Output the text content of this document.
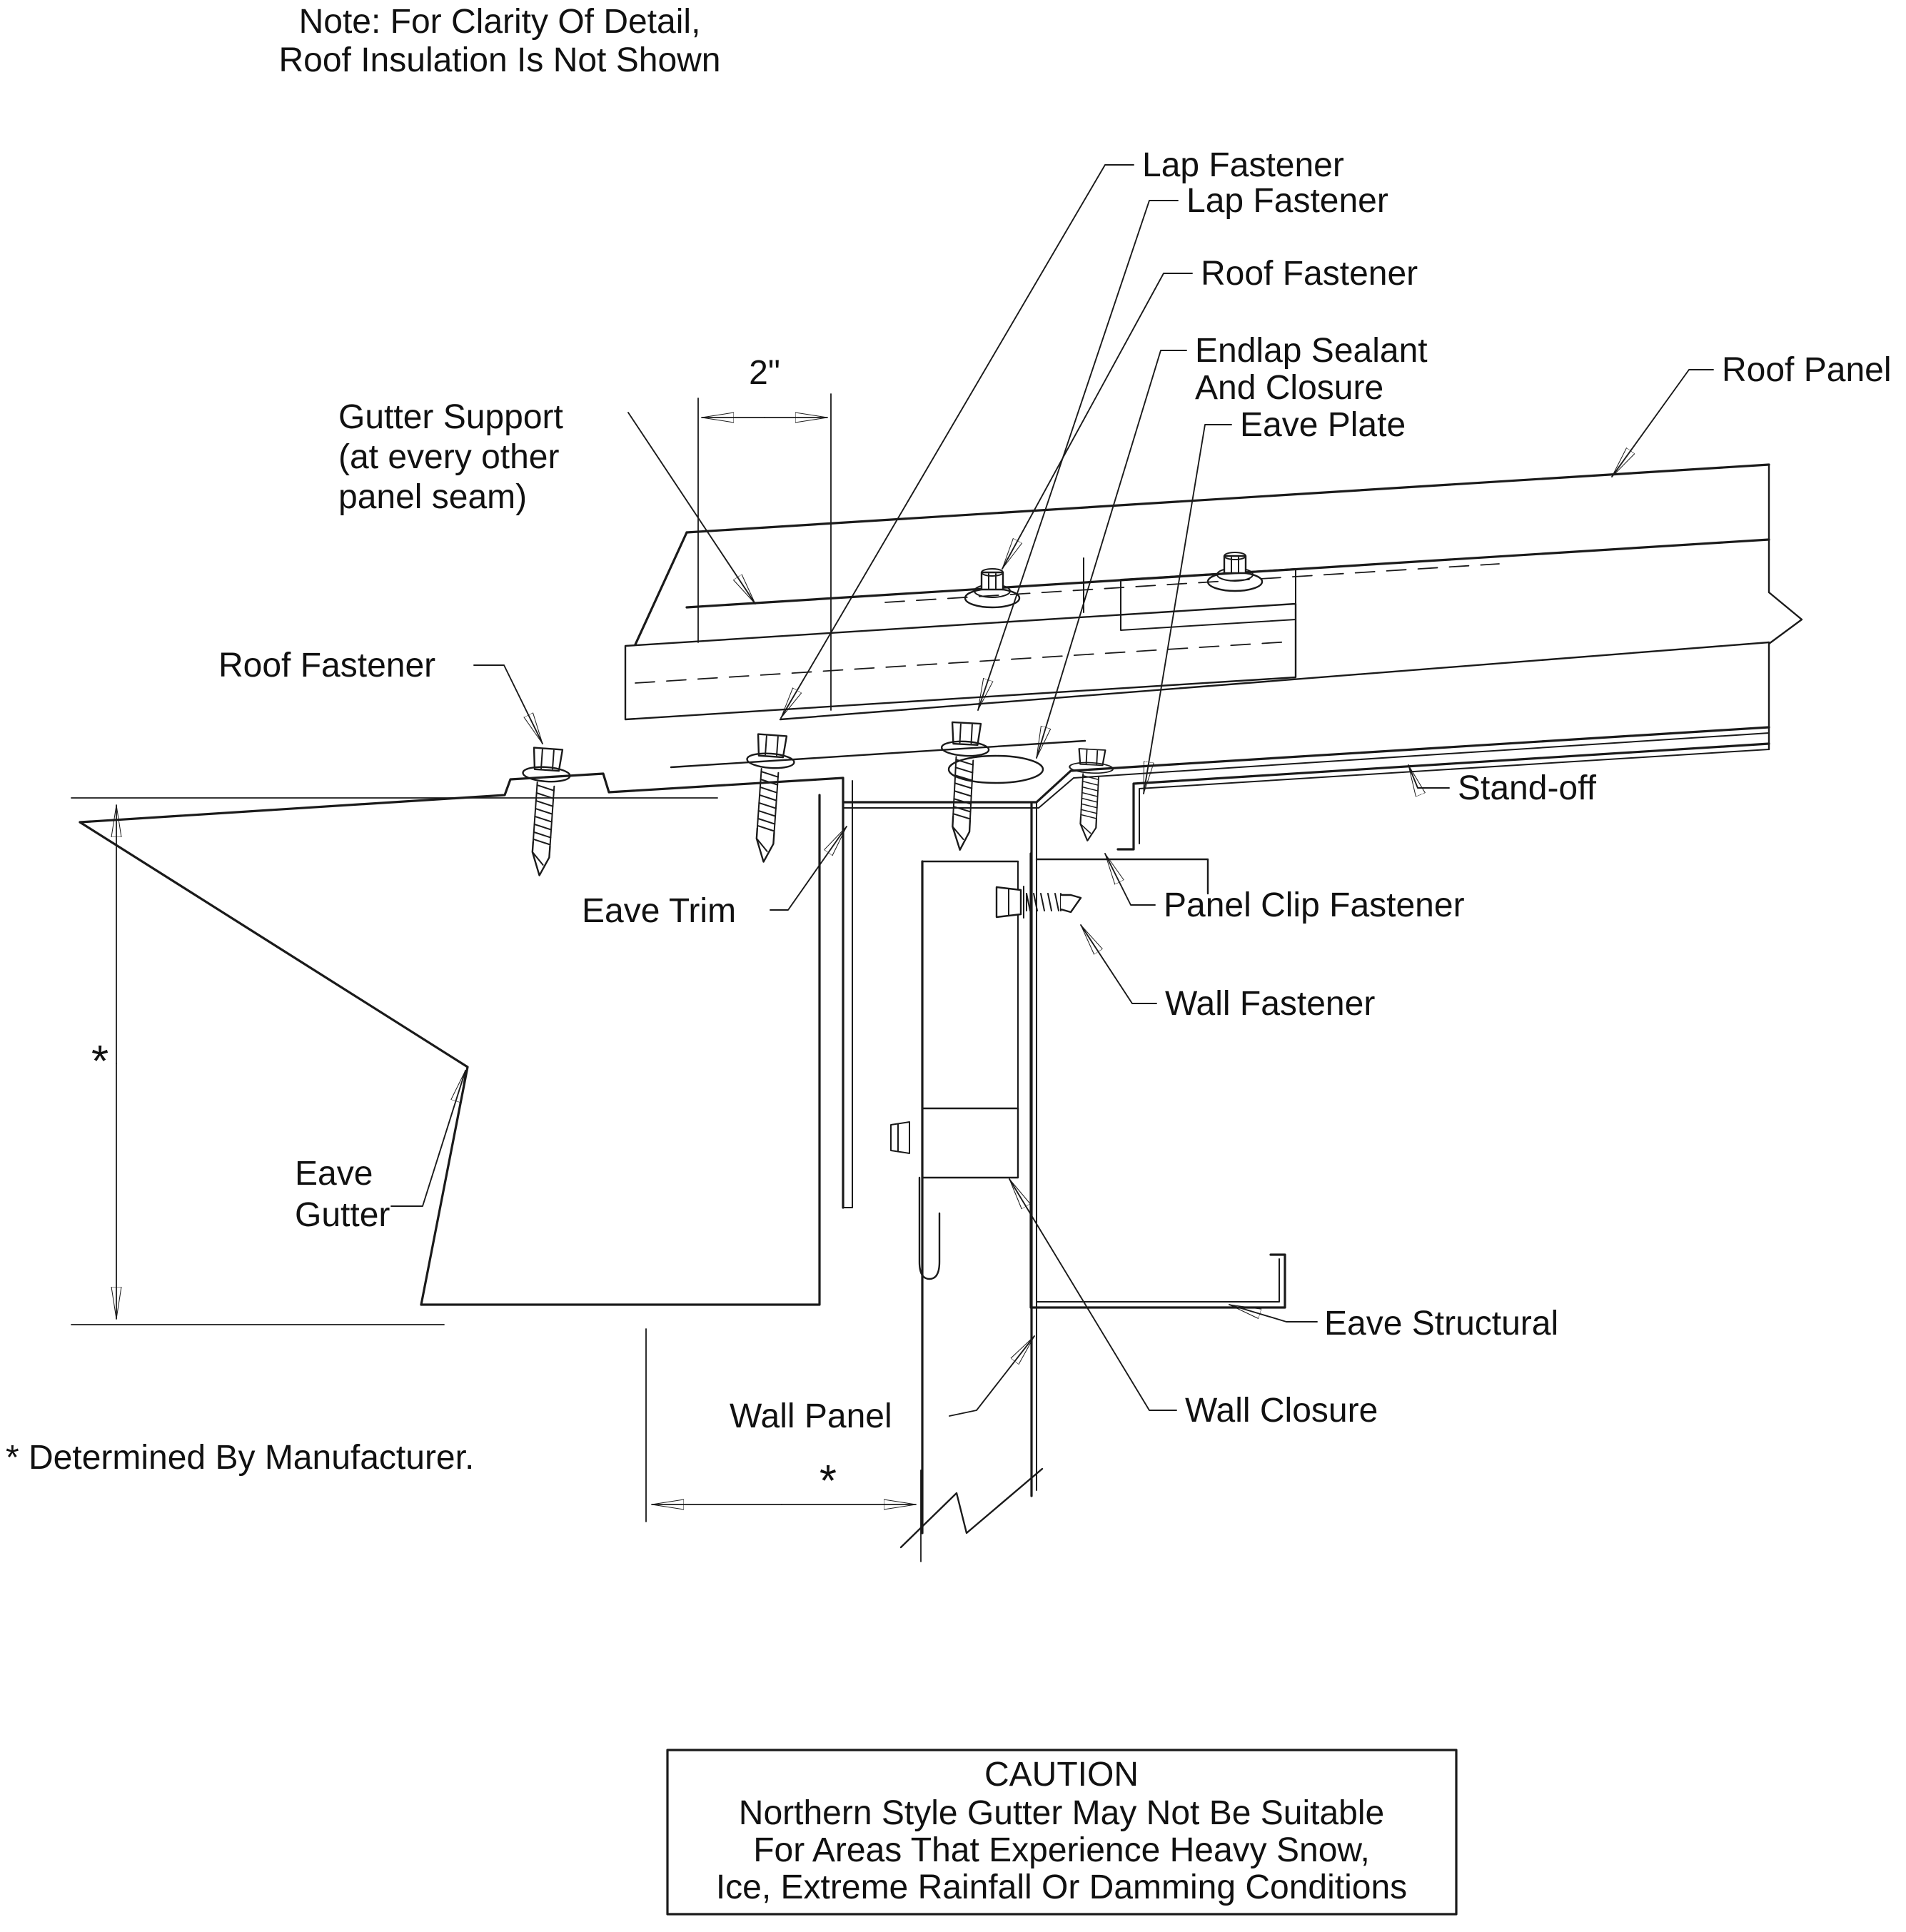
Note: For Clarity Of Detail,
Roof Insulation Is Not Shown
Gutter Support
(at every other
panel seam)
2"
Lap Fastener
Lap Fastener
Roof Fastener
Endlap Sealant
And Closure
Eave Plate
Roof Panel
Roof Fastener
Stand-off
Eave Trim	Panel Clip Fastener
Wall Fastener
Eave
Gutter
Wall Panel
Eave Structural
Wall Closure
*
*
* Determined By Manufacturer.
CAUTION
Northern Style Gutter May Not Be Suitable
For Areas That Experience Heavy Snow,
Ice, Extreme Rainfall Or Damming Conditions
